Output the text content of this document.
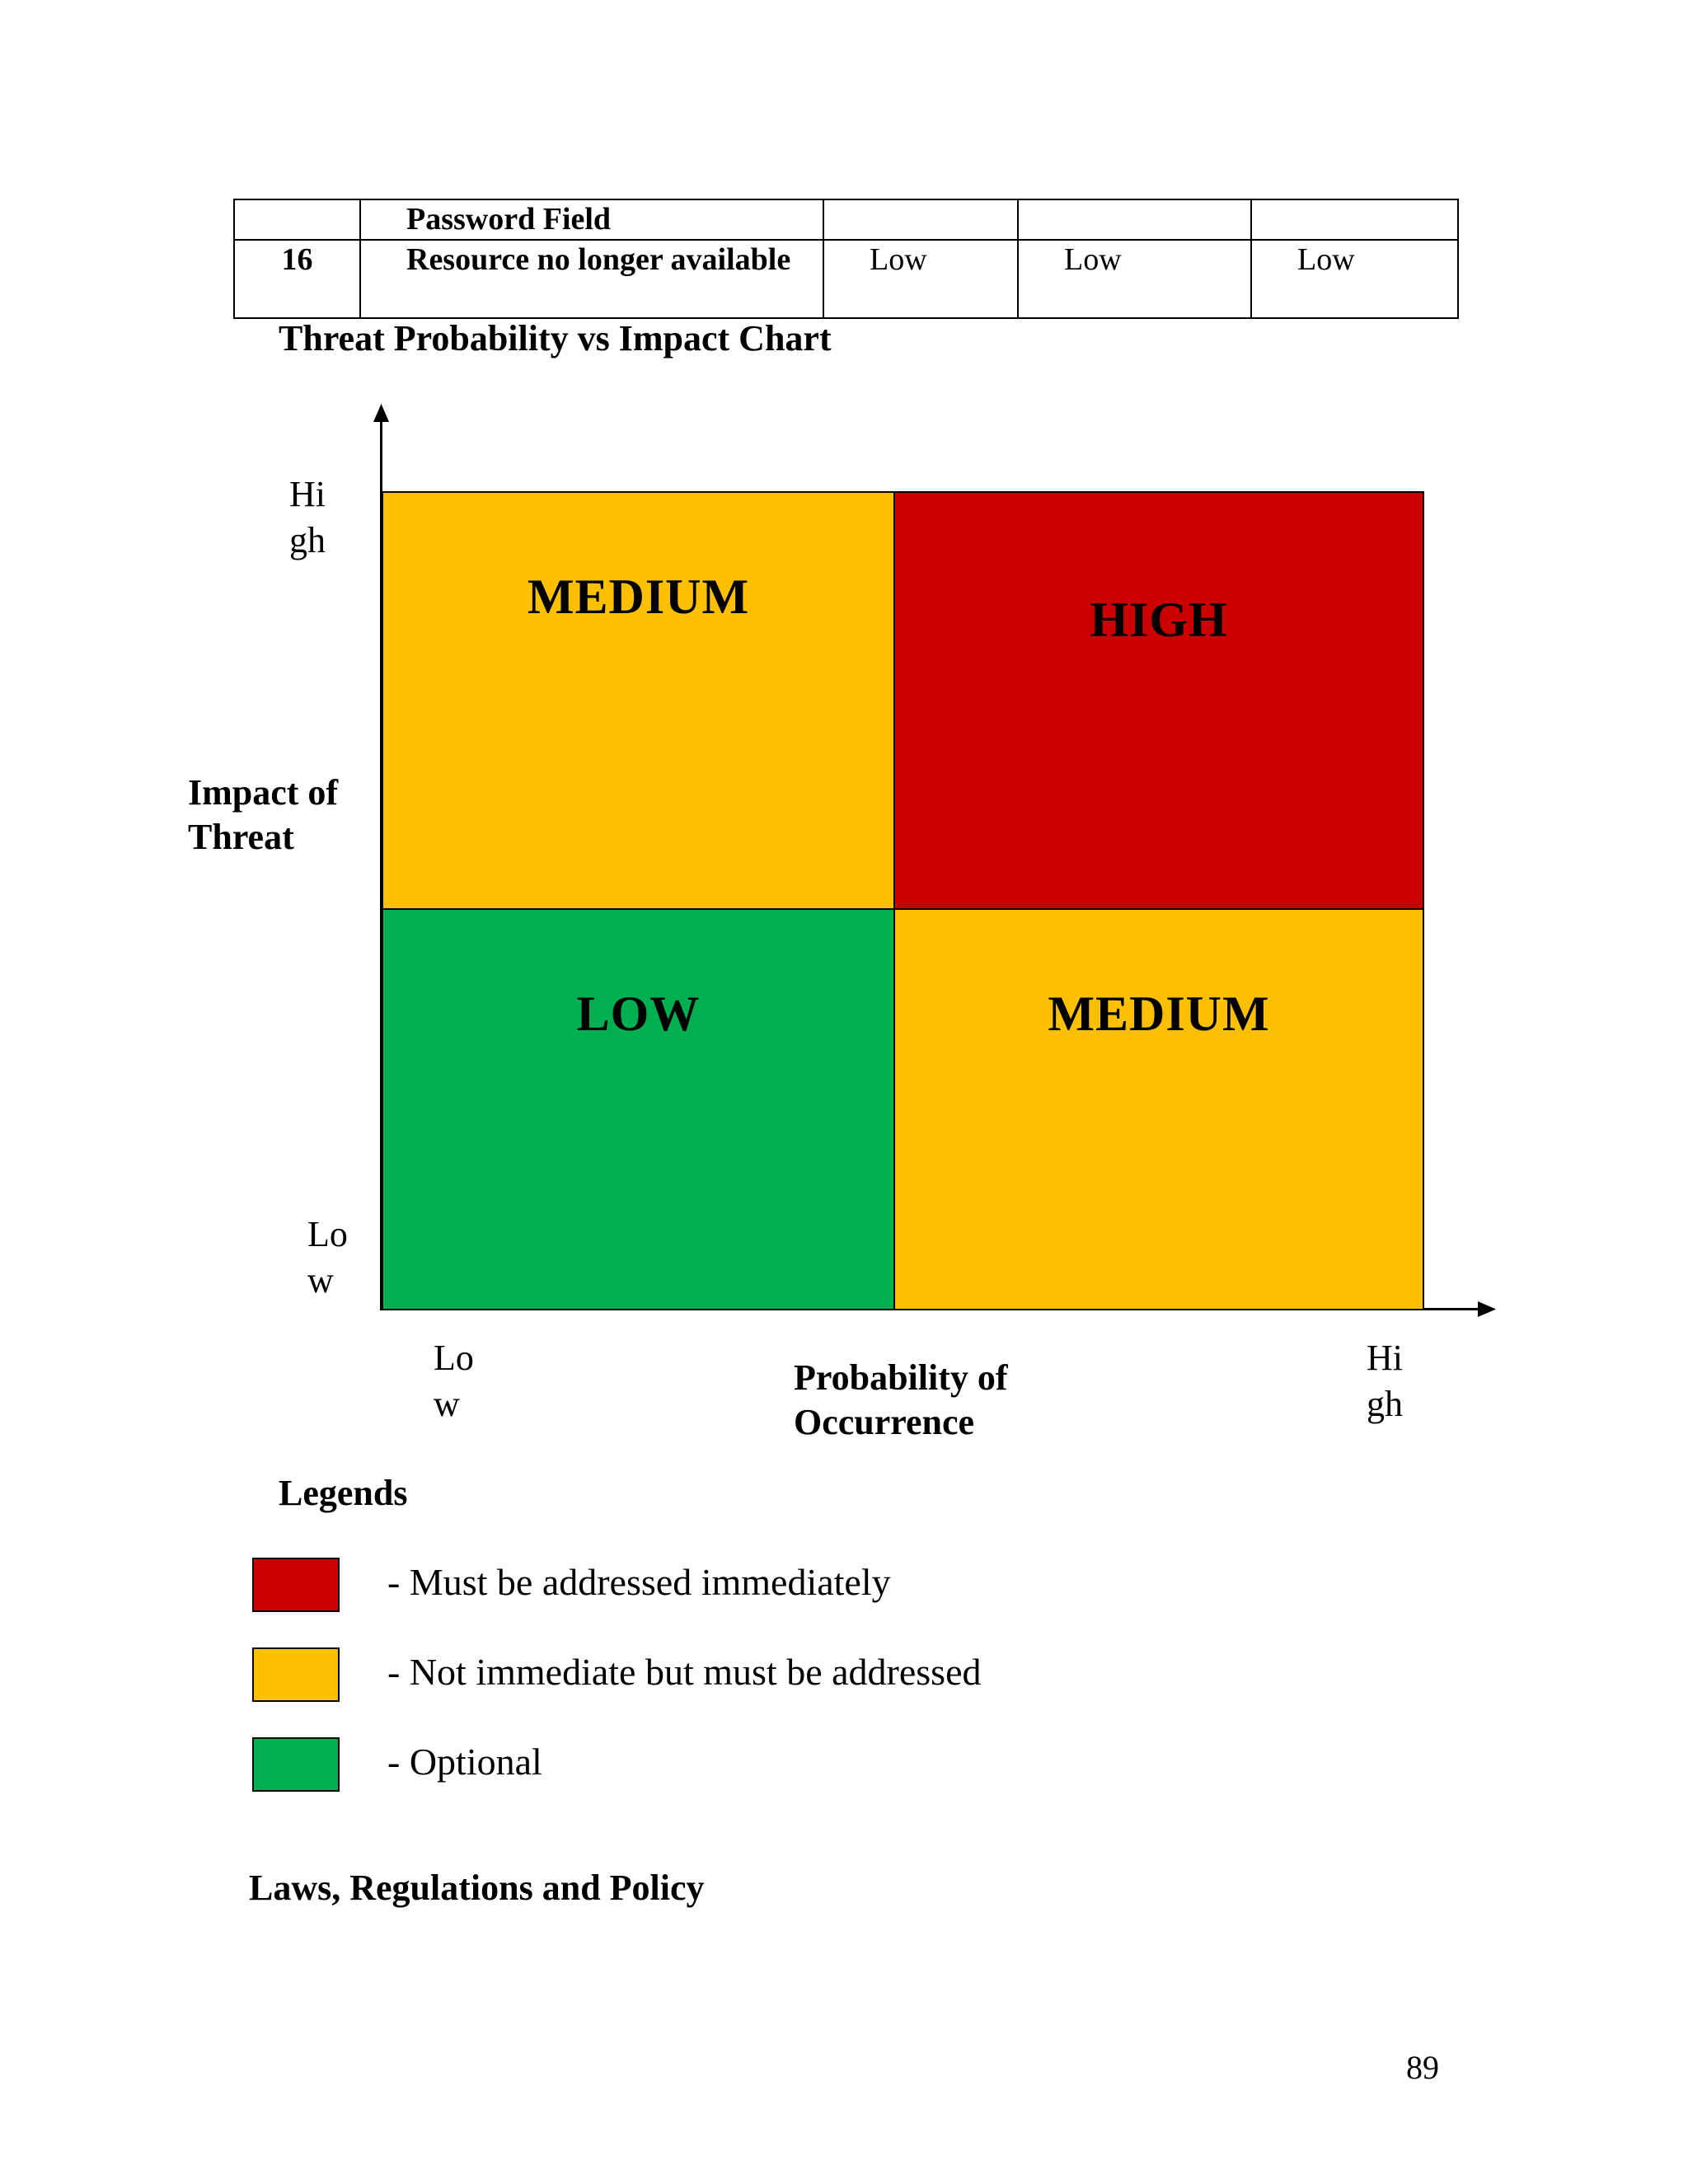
	Password Field			
16	Resource no longer available	Low	Low	Low
Threat Probability vs Impact Chart
MEDIUM	HIGH
LOW	MEDIUM
Hi
gh
Lo
w
Lo
w
Hi
gh
Impact of Threat
Probability of Occurrence
Legends
- Must be addressed immediately
- Not immediate but must be addressed
- Optional
Laws, Regulations and Policy
89
